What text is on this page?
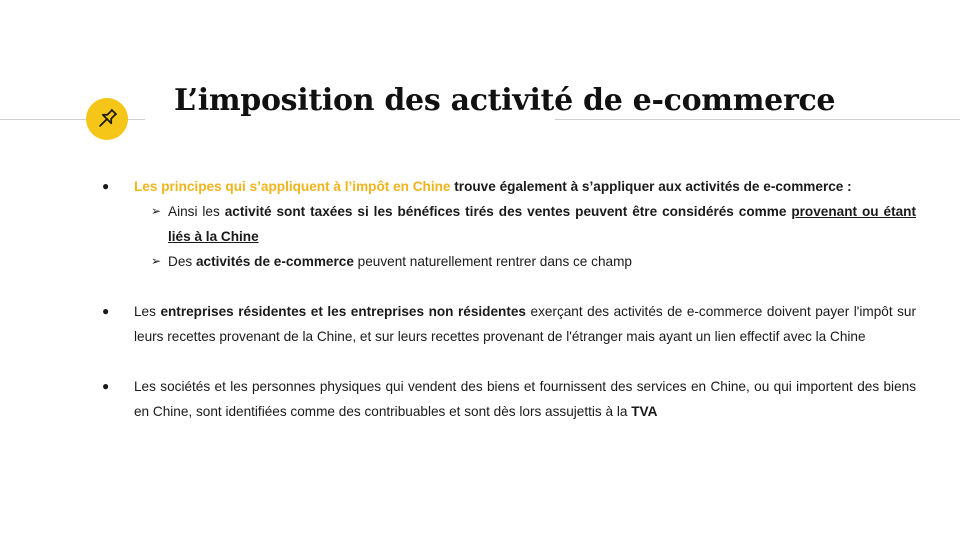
L’imposition des activité de e-commerce
● Les principes qui s’appliquent à l’impôt en Chine trouve également à s’appliquer aux activités de e-commerce :
➢ Ainsi les activité sont taxées si les bénéfices tirés des ventes peuvent être considérés comme provenant ou étant liés à la Chine
➢ Des activités de e-commerce peuvent naturellement rentrer dans ce champ
● Les entreprises résidentes et les entreprises non résidentes exerçant des activités de e-commerce doivent payer l'impôt sur leurs recettes provenant de la Chine, et sur leurs recettes provenant de l'étranger mais ayant un lien effectif avec la Chine
● Les sociétés et les personnes physiques qui vendent des biens et fournissent des services en Chine, ou qui importent des biens en Chine, sont identifiées comme des contribuables et sont dès lors assujettis à la TVA
